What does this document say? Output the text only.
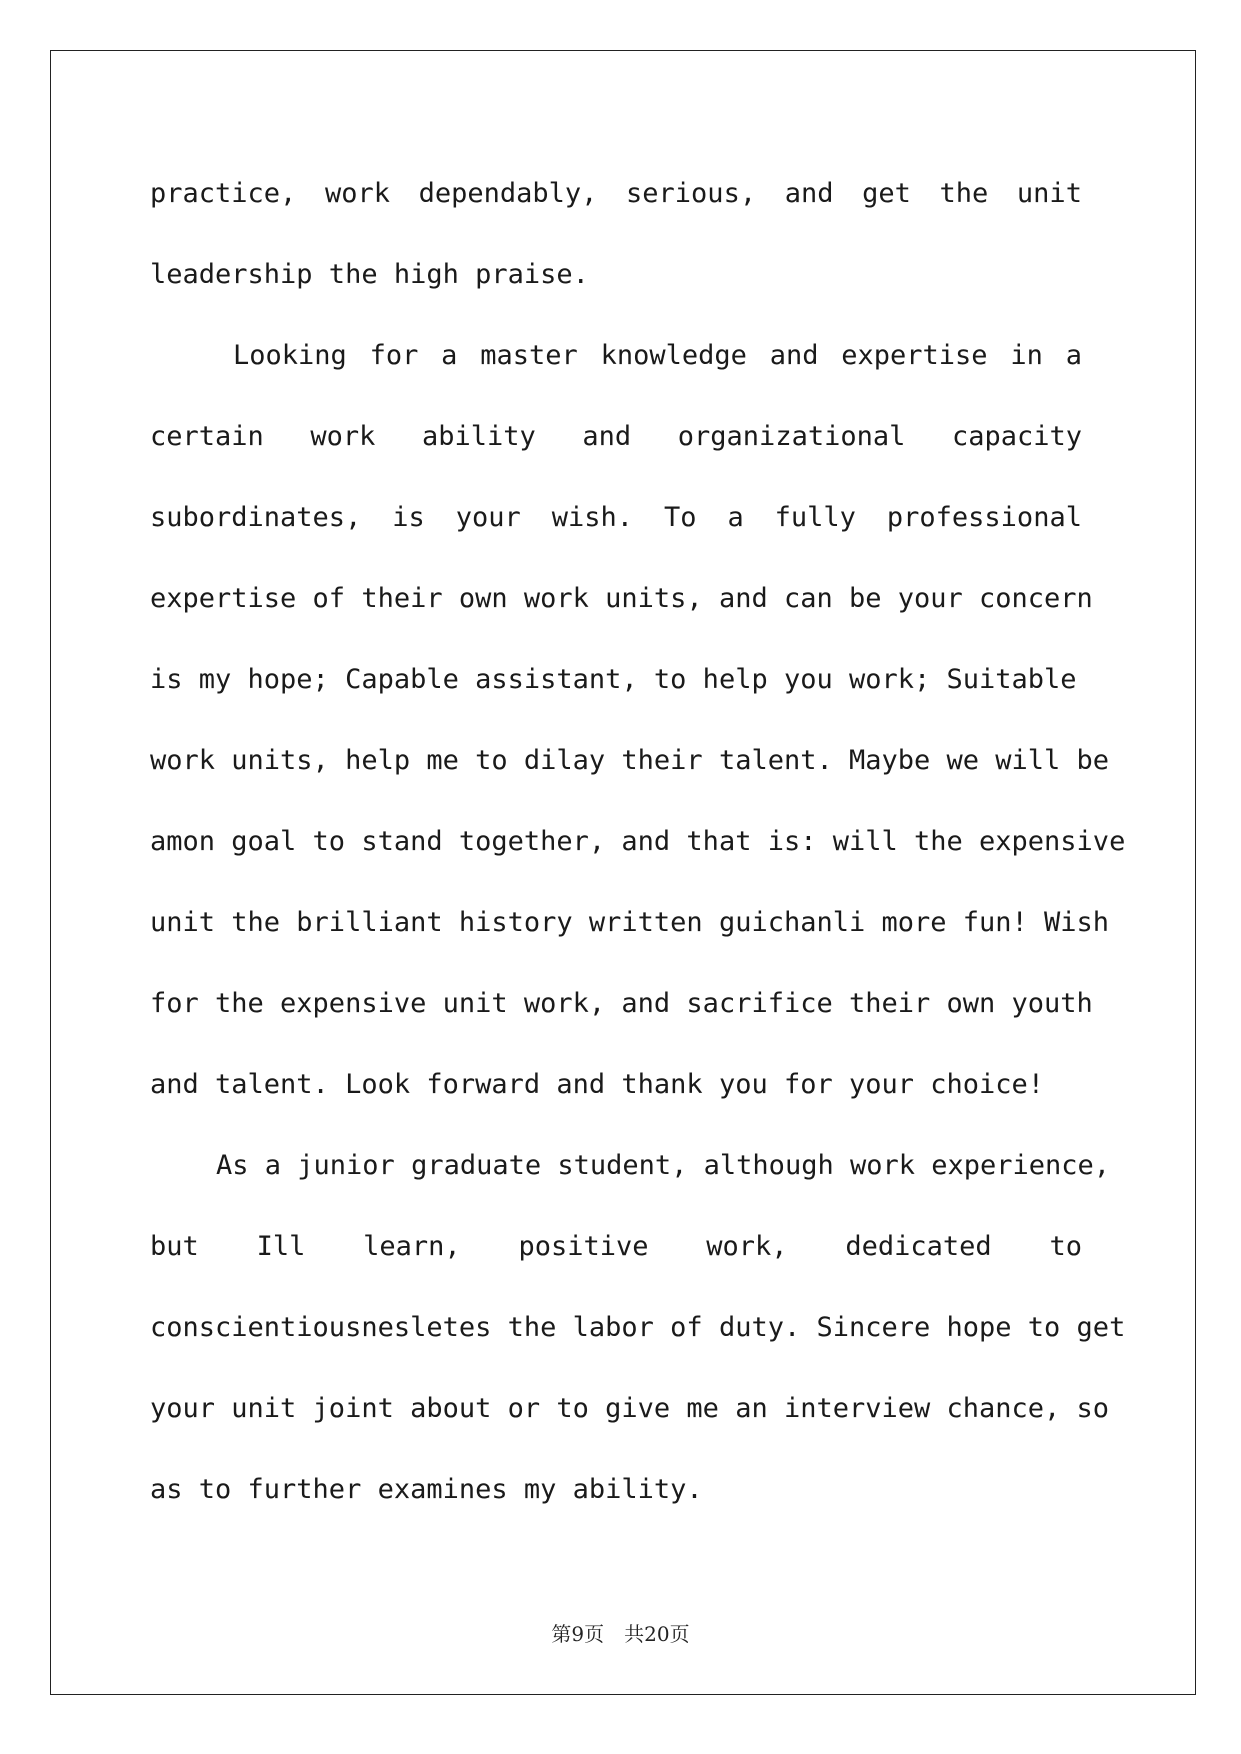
practice, work dependably, serious, and get the unit
leadership the high praise.
Looking for a master knowledge and expertise in a
certain work ability and organizational capacity
subordinates, is your wish. To a fully professional
expertise of their own work units, and can be your concern
is my hope; Capable assistant, to help you work; Suitable
work units, help me to dilay their talent. Maybe we will be
amon goal to stand together, and that is: will the expensive
unit the brilliant history written guichanli more fun! Wish
for the expensive unit work, and sacrifice their own youth
and talent. Look forward and thank you for your choice!
As a junior graduate student, although work experience,
but Ill learn, positive work, dedicated to
conscientiousnesletes the labor of duty. Sincere hope to get
your unit joint about or to give me an interview chance, so
as to further examines my ability.
第9页 共20页
